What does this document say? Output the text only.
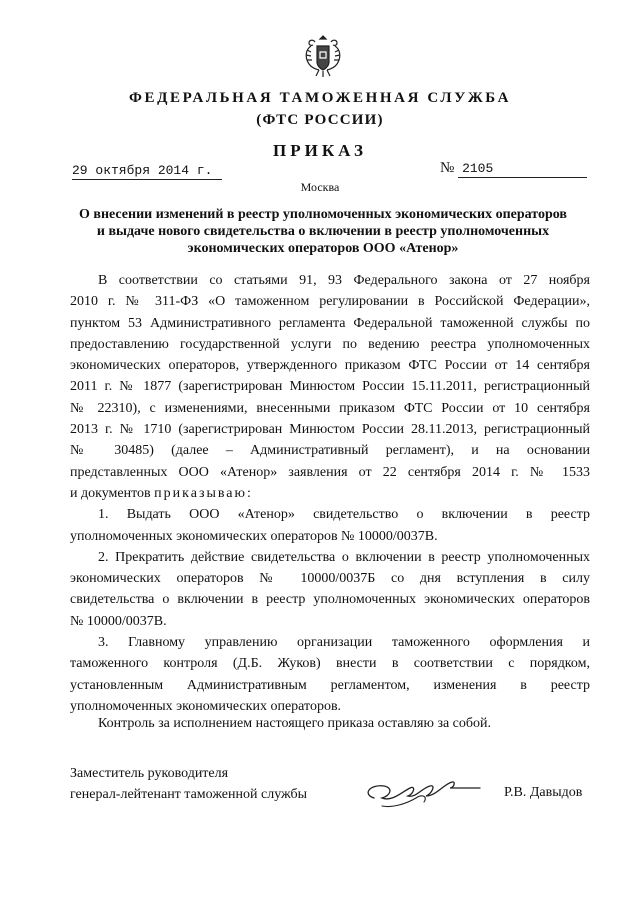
ФЕДЕРАЛЬНАЯ ТАМОЖЕННАЯ СЛУЖБА
(ФТС РОССИИ)
ПРИКАЗ
29 октября 2014 г.	№ 2105
Москва
О внесении изменений в реестр уполномоченных экономических операторов
и выдаче нового свидетельства о включении в реестр уполномоченных
экономических операторов ООО «Атенор»
В соответствии со статьями 91, 93 Федерального закона от 27 ноября
2010 г. № 311-ФЗ «О таможенном регулировании в Российской Федерации»,
пунктом 53 Административного регламента Федеральной таможенной службы по
предоставлению государственной услуги по ведению реестра уполномоченных
экономических операторов, утвержденного приказом ФТС России от 14 сентября
2011 г. № 1877 (зарегистрирован Минюстом России 15.11.2011, регистрационный
№ 22310), с изменениями, внесенными приказом ФТС России от 10 сентября
2013 г. № 1710 (зарегистрирован Минюстом России 28.11.2013, регистрационный
№ 30485) (далее – Административный регламент), и на основании
представленных ООО «Атенор» заявления от 22 сентября 2014 г. № 1533
и документов приказываю:
1. Выдать ООО «Атенор» свидетельство о включении в реестр
уполномоченных экономических операторов № 10000/0037В.
2. Прекратить действие свидетельства о включении в реестр уполномоченных
экономических операторов № 10000/0037Б со дня вступления в силу
свидетельства о включении в реестр уполномоченных экономических операторов
№ 10000/0037В.
3. Главному управлению организации таможенного оформления и
таможенного контроля (Д.Б. Жуков) внести в соответствии с порядком,
установленным Административным регламентом, изменения в реестр
уполномоченных экономических операторов.
Контроль за исполнением настоящего приказа оставляю за собой.
Заместитель руководителя
генерал-лейтенант таможенной службы	Р.В. Давыдов
